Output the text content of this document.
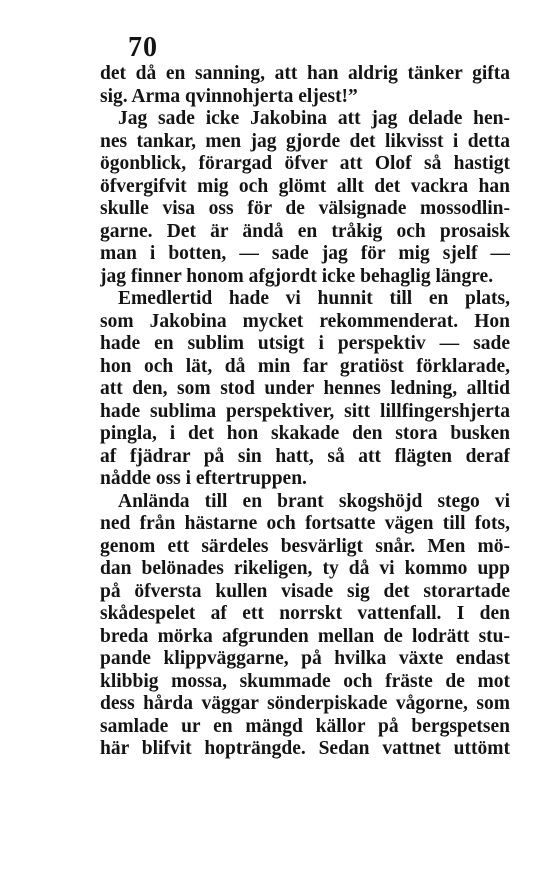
70
det då en sanning, att han aldrig tänker gifta
sig. Arma qvinnohjerta eljest!”
Jag sade icke Jakobina att jag delade hen-
nes tankar, men jag gjorde det likvisst i detta
ögonblick, förargad öfver att Olof så hastigt
öfvergifvit mig och glömt allt det vackra han
skulle visa oss för de välsignade mossodlin-
garne. Det är ändå en tråkig och prosaisk
man i botten, — sade jag för mig sjelf —
jag finner honom afgjordt icke behaglig längre.
Emedlertid hade vi hunnit till en plats,
som Jakobina mycket rekommenderat. Hon
hade en sublim utsigt i perspektiv — sade
hon och lät, då min far gratiöst förklarade,
att den, som stod under hennes ledning, alltid
hade sublima perspektiver, sitt lillfingershjerta
pingla, i det hon skakade den stora busken
af fjädrar på sin hatt, så att flägten deraf
nådde oss i eftertruppen.
Anlända till en brant skogshöjd stego vi
ned från hästarne och fortsatte vägen till fots,
genom ett särdeles besvärligt snår. Men mö-
dan belönades rikeligen, ty då vi kommo upp
på öfversta kullen visade sig det storartade
skådespelet af ett norrskt vattenfall. I den
breda mörka afgrunden mellan de lodrätt stu-
pande klippväggarne, på hvilka växte endast
klibbig mossa, skummade och fräste de mot
dess hårda väggar sönderpiskade vågorne, som
samlade ur en mängd källor på bergspetsen
här blifvit hopträngde. Sedan vattnet uttömt
